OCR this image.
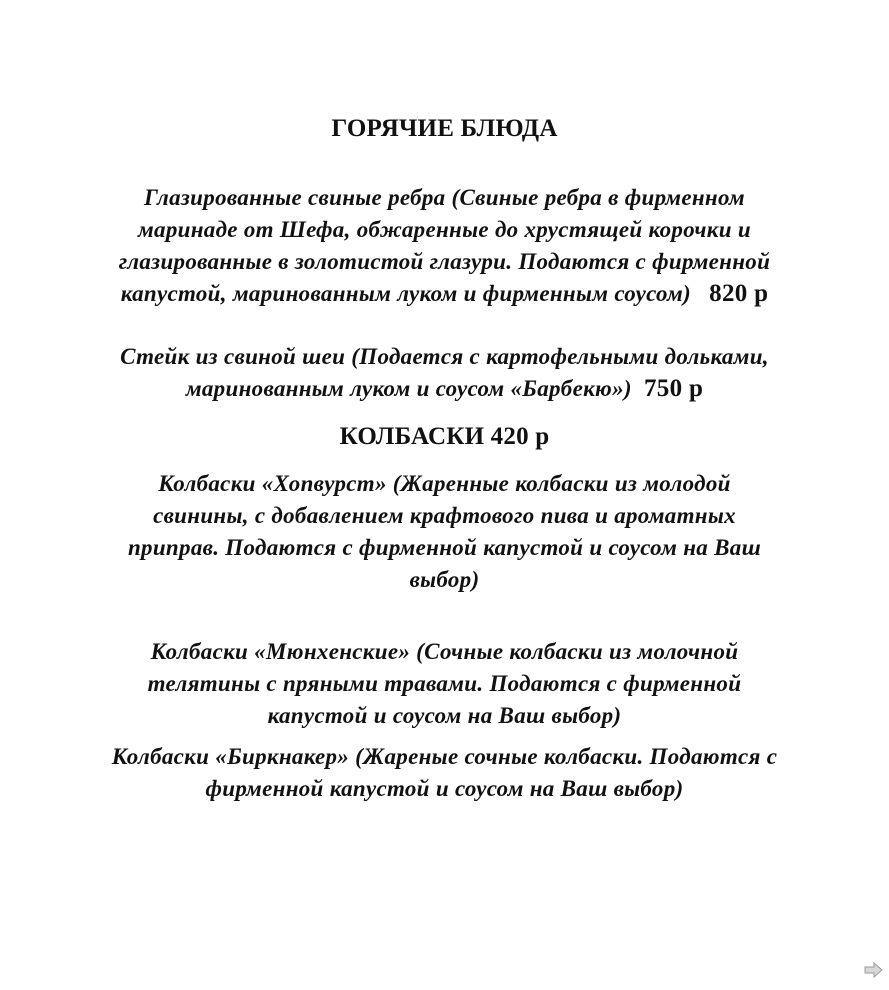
ГОРЯЧИЕ БЛЮДА
Глазированные свиные ребра (Свиные ребра в фирменном
маринаде от Шефа, обжаренные до хрустящей корочки и
глазированные в золотистой глазури. Подаются с фирменной
капустой, маринованным луком и фирменным соусом) 820 р
Стейк из свиной шеи (Подается с картофельными дольками,
маринованным луком и соусом «Барбекю») 750 р
КОЛБАСКИ 420 р
Колбаски «Хопвурст» (Жаренные колбаски из молодой
свинины, с добавлением крафтового пива и ароматных
приправ. Подаются с фирменной капустой и соусом на Ваш
выбор)
Колбаски «Мюнхенские» (Сочные колбаски из молочной
телятины с пряными травами. Подаются с фирменной
капустой и соусом на Ваш выбор)
Колбаски «Биркнакер» (Жареные сочные колбаски. Подаются с
фирменной капустой и соусом на Ваш выбор)
